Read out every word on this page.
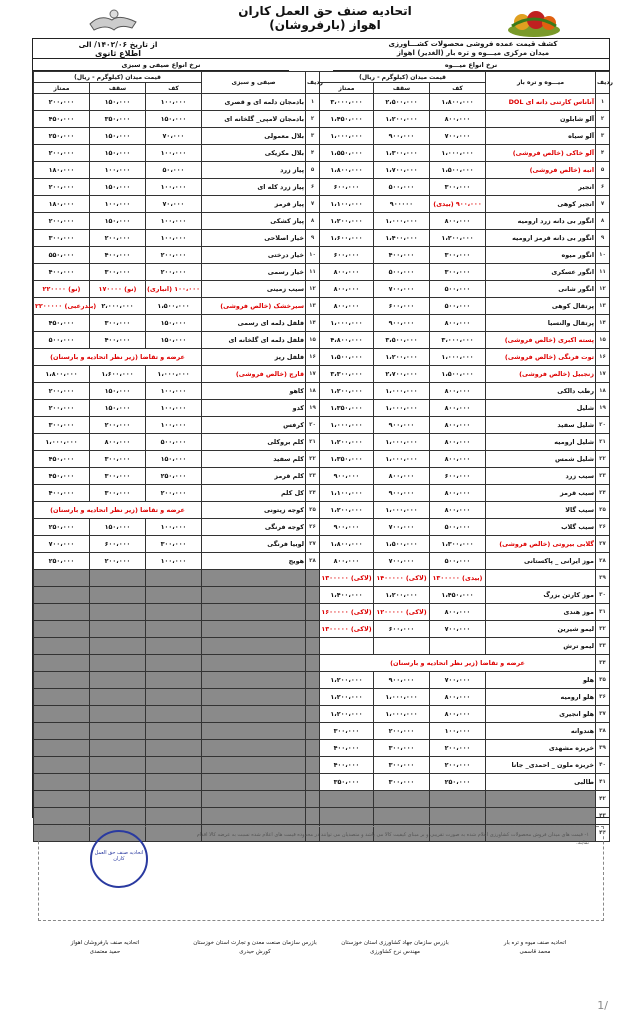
اتحادیه صنف حق العمل کاران
(بارفروشان) اهواز
کشف قیمت عمده فروشی محصولات کشـــاورزی
میدان مرکزی میـــوه و تره بار (الغدیر) اهواز
از تاریخ ۱۴۰۲/۰۶/ الی
اطلاع ثانوی
نرخ انواع صیفی و سبزی	نرخ انواع میـــوه
قیمت میدان (کیلوگرم - ریال)			صیفی و سبزی	ردیف
ممتاز	سقف	کف		
۲۰۰،۰۰۰	۱۵۰،۰۰۰	۱۰۰،۰۰۰	بادمجان دلمه ای و قصری	۱
۴۵۰،۰۰۰	۳۵۰،۰۰۰	۱۵۰،۰۰۰	بادمجان لامپی_ گلخانه ای	۲
۲۵۰،۰۰۰	۱۵۰،۰۰۰	۷۰،۰۰۰	بلال معمولی	۳
۲۰۰،۰۰۰	۱۵۰،۰۰۰	۱۰۰،۰۰۰	بلال مکزیکی	۴
۱۸۰،۰۰۰	۱۰۰،۰۰۰	۵۰،۰۰۰	پیاز زرد	۵
۲۰۰،۰۰۰	۱۵۰،۰۰۰	۱۰۰،۰۰۰	پیاز زرد کله ای	۶
۱۸۰،۰۰۰	۱۰۰،۰۰۰	۷۰،۰۰۰	پیاز قرمز	۷
۲۰۰،۰۰۰	۱۵۰،۰۰۰	۱۰۰،۰۰۰	پیاز کشکی	۸
۳۰۰،۰۰۰	۲۰۰،۰۰۰	۱۰۰،۰۰۰	خیار اصلاحی	۹
۵۵۰،۰۰۰	۴۰۰،۰۰۰	۲۰۰،۰۰۰	خیار درختی	۱۰
۴۰۰،۰۰۰	۳۰۰،۰۰۰	۲۰۰،۰۰۰	خیار رسمی	۱۱
۲۲۰۰۰۰ (نو)	۱۷۰۰۰۰ (نو)	(انباری) ۱۰۰،۰۰۰	سیب زمینی	۱۲
۲۲۰۰۰۰۰ (بندرعبی)	۲،۰۰۰،۰۰۰	۱،۵۰۰،۰۰۰	سیرخشک (خالص فروشی)	۱۳
۴۵۰،۰۰۰	۳۰۰،۰۰۰	۱۵۰،۰۰۰	فلفل دلمه ای رسمی	۱۴
۵۰۰،۰۰۰	۴۰۰،۰۰۰	۱۵۰،۰۰۰	فلفل دلمه ای گلخانه ای	۱۵
عرضه و تقاضا (زیر نظر اتحادیه و بارسنان)			فلفل ریز	۱۶
۱،۸۰۰،۰۰۰	۱،۶۰۰،۰۰۰	۱،۰۰۰،۰۰۰	قارچ (خالص فروشی)	۱۷
۲۰۰،۰۰۰	۱۵۰،۰۰۰	۱۰۰،۰۰۰	کاهو	۱۸
۲۰۰،۰۰۰	۱۵۰،۰۰۰	۱۰۰،۰۰۰	کدو	۱۹
۳۰۰،۰۰۰	۲۰۰،۰۰۰	۱۰۰،۰۰۰	کرفس	۲۰
۱،۰۰۰،۰۰۰	۸۰۰،۰۰۰	۵۰۰،۰۰۰	کلم بروکلی	۲۱
۴۵۰،۰۰۰	۳۰۰،۰۰۰	۱۵۰،۰۰۰	کلم سفید	۲۲
۴۵۰،۰۰۰	۳۰۰،۰۰۰	۲۵۰،۰۰۰	کلم قرمز	۲۳
۴۰۰،۰۰۰	۳۰۰،۰۰۰	۲۰۰،۰۰۰	کل کلم	۲۴
عرضه و تقاضا (زیر نظر اتحادیه و بارسنان)			کوجه زیتونی	۲۵
۲۵۰،۰۰۰	۱۵۰،۰۰۰	۱۰۰،۰۰۰	کوجه فرنگی	۲۶
۷۰۰،۰۰۰	۶۰۰،۰۰۰	۳۰۰،۰۰۰	لوبیا فرنگی	۲۷
۲۵۰،۰۰۰	۲۰۰،۰۰۰	۱۰۰،۰۰۰	هویج	۲۸

قیمت میدان (کیلوگرم - ریال)			میـــوه و تره بار	ردیف
ممتاز	سقف	کف		
۳،۰۰۰،۰۰۰	۲،۵۰۰،۰۰۰	۱،۸۰۰،۰۰۰	آناناس کارتنی دانه ای DOL	۱
۱،۴۵۰،۰۰۰	۱،۲۰۰،۰۰۰	۸۰۰،۰۰۰	آلو شابلون	۲
۱،۰۰۰،۰۰۰	۹۰۰،۰۰۰	۷۰۰،۰۰۰	آلو سیاه	۳
۱،۵۵۰،۰۰۰	۱،۳۰۰،۰۰۰	۱،۰۰۰،۰۰۰	آلو خاکی (خالص فروشی)	۴
۱،۸۰۰،۰۰۰	۱،۷۰۰،۰۰۰	۱،۵۰۰،۰۰۰	انبه (خالص فروشی)	۵
۶۰۰،۰۰۰	۵۰۰،۰۰۰	۳۰۰،۰۰۰	انجیر	۶
۱،۱۰۰،۰۰۰	۹۰۰۰۰۰	(بیدی) ۹۰۰،۰۰۰	انجیر کوهی	۷
۱،۲۰۰،۰۰۰	۱،۰۰۰،۰۰۰	۸۰۰،۰۰۰	انگور بی دانه زرد ارومیه	۸
۱،۶۰۰،۰۰۰	۱،۴۰۰،۰۰۰	۱،۲۰۰،۰۰۰	انگور بی دانه قرمز ارومیه	۹
۶۰۰،۰۰۰	۴۰۰،۰۰۰	۳۰۰،۰۰۰	انگور میوه	۱۰
۸۰۰،۰۰۰	۵۰۰،۰۰۰	۳۰۰،۰۰۰	انگور عسکری	۱۱
۸۰۰،۰۰۰	۷۰۰،۰۰۰	۵۰۰،۰۰۰	انگور شانی	۱۲
۸۰۰،۰۰۰	۶۰۰،۰۰۰	۵۰۰،۰۰۰	پرتقال کوهی	۱۳
۱،۰۰۰،۰۰۰	۹۰۰،۰۰۰	۸۰۰،۰۰۰	پرتقال والنسیا	۱۴
۴،۸۰۰،۰۰۰	۳،۵۰۰،۰۰۰	۳،۰۰۰،۰۰۰	پسته اکبری (خالص فروشی)	۱۵
۱،۵۰۰،۰۰۰	۱،۲۰۰،۰۰۰	۱،۰۰۰،۰۰۰	توت فرنگی (خالص فروشی)	۱۶
۳،۳۰۰،۰۰۰	۲،۷۰۰،۰۰۰	۱،۵۰۰،۰۰۰	زنجبیل (خالص فروشی)	۱۷
۱،۲۰۰،۰۰۰	۱،۰۰۰،۰۰۰	۸۰۰،۰۰۰	رطب دالکی	۱۸
۱،۳۵۰،۰۰۰	۱،۰۰۰،۰۰۰	۸۰۰،۰۰۰	شلیل	۱۹
۱،۰۰۰،۰۰۰	۹۰۰،۰۰۰	۸۰۰،۰۰۰	شلیل سفید	۲۰
۱،۲۰۰،۰۰۰	۱،۰۰۰،۰۰۰	۸۰۰،۰۰۰	شلیل ارومیه	۲۱
۱،۳۵۰،۰۰۰	۱،۰۰۰،۰۰۰	۸۰۰،۰۰۰	شلیل شمس	۲۲
۹۰۰،۰۰۰	۸۰۰،۰۰۰	۶۰۰،۰۰۰	سیب زرد	۲۳
۱،۱۰۰،۰۰۰	۹۰۰،۰۰۰	۸۰۰،۰۰۰	سیب قرمز	۲۴
۱،۲۰۰،۰۰۰	۱،۰۰۰،۰۰۰	۸۰۰،۰۰۰	سیب گالا	۲۵
۹۰۰،۰۰۰	۷۰۰،۰۰۰	۵۰۰،۰۰۰	سیب گلاب	۲۶
۱،۸۰۰،۰۰۰	۱،۵۰۰،۰۰۰	۱،۳۰۰،۰۰۰	گلابی بیروتی (خالص فروشی)	۲۷
۸۰۰،۰۰۰	۷۰۰،۰۰۰	۵۰۰،۰۰۰	موز ایرانی _ پاکستانی	۲۸
۱۳۰۰۰۰۰ (لاکی)	۱۴۰۰۰۰۰ (لاکی)	۱۳۰۰۰۰۰ (بیدی)		۲۹
۱،۴۰۰،۰۰۰	۱،۲۰۰،۰۰۰	۱،۴۵۰،۰۰۰	موز کارتن بزرگ	۳۰
۱۶۰۰۰۰۰ (لاکی)	۱۲۰۰۰۰۰ (لاکی)	۸۰۰،۰۰۰	موز هندی	۳۱
۱۳۰۰۰۰۰ (لاکی)	۶۰۰،۰۰۰	۷۰۰،۰۰۰	لیمو شیرین	۳۲
			لیمو ترش	۳۳
عرضه و تقاضا (زیر نظر اتحادیه و بارسنان)				۳۴
۱،۲۰۰،۰۰۰	۹۰۰،۰۰۰	۷۰۰،۰۰۰	هلو	۳۵
۱،۲۰۰،۰۰۰	۱،۰۰۰،۰۰۰	۸۰۰،۰۰۰	هلو ارومیه	۳۶
۱،۲۰۰،۰۰۰	۱،۰۰۰،۰۰۰	۸۰۰،۰۰۰	هلو انجیری	۳۷
۳۰۰،۰۰۰	۲۰۰،۰۰۰	۱۰۰،۰۰۰	هندوانه	۳۸
۴۰۰،۰۰۰	۳۰۰،۰۰۰	۲۰۰،۰۰۰	خربزه مشهدی	۳۹
۴۰۰،۰۰۰	۳۰۰،۰۰۰	۲۰۰،۰۰۰	خربزه ملون _ احمدی_ جانا	۴۰
۳۵۰،۰۰۰	۳۰۰،۰۰۰	۲۵۰،۰۰۰	طالبی	۴۱
				۴۲
				۴۳
				۴۴
۱- قیمت های میدان فروش محصولات کشاورزی اعلام شده به صورت تقریبی و بر مبنای کیفیت کالا می باشد و متصدیان می توانند در محدوده قیمت های اعلام شده نسبت به عرضه کالا اقدام نمایند.
اتحادیه صنف حق العمل کاران
اتحادیه صنف میوه و تره بار
محمد قاسمی
بازرس سازمان جهاد کشاورزی استان خوزستان
مهندس نرخ کشاورزی
بازرس سازمان صنعت معدن و تجارت استان خوزستان
کورش حیدری
اتحادیه صنف بارفروشان اهواز
حمید معتمدی
1/
